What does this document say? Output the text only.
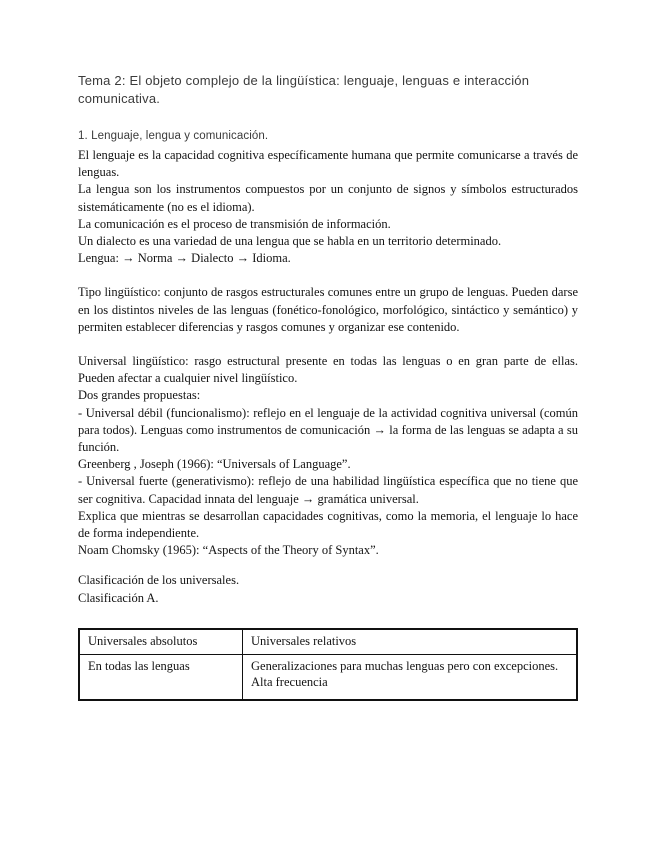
Tema 2: El objeto complejo de la lingüística: lenguaje, lenguas e interacción comunicativa.
1. Lenguaje, lengua y comunicación.

El lenguaje es la capacidad cognitiva específicamente humana que permite comunicarse a través de lenguas.

La lengua son los instrumentos compuestos por un conjunto de signos y símbolos estructurados sistemáticamente (no es el idioma).

La comunicación es el proceso de transmisión de información.

Un dialecto es una variedad de una lengua que se habla en un territorio determinado.

Lengua: → Norma → Dialecto → Idioma.

Tipo lingüístico: conjunto de rasgos estructurales comunes entre un grupo de lenguas. Pueden darse en los distintos niveles de las lenguas (fonético-fonológico, morfológico, sintáctico y semántico) y permiten establecer diferencias y rasgos comunes y organizar ese contenido.

Universal lingüístico: rasgo estructural presente en todas las lenguas o en gran parte de ellas. Pueden afectar a cualquier nivel lingüístico.

Dos grandes propuestas:

- Universal débil (funcionalismo): reflejo en el lenguaje de la actividad cognitiva universal (común para todos). Lenguas como instrumentos de comunicación → la forma de las lenguas se adapta a su función.

Greenberg , Joseph (1966): “Universals of Language”.

- Universal fuerte (generativismo): reflejo de una habilidad lingüística específica que no tiene que ser cognitiva. Capacidad innata del lenguaje → gramática universal.

Explica que mientras se desarrollan capacidades cognitivas, como la memoria, el lenguaje lo hace de forma independiente.

Noam Chomsky (1965): “Aspects of the Theory of Syntax”.

Clasificación de los universales.

Clasificación A.

Universales absolutos	Universales relativos
En todas las lenguas	Generalizaciones para muchas lenguas pero con excepciones.
Alta frecuencia
